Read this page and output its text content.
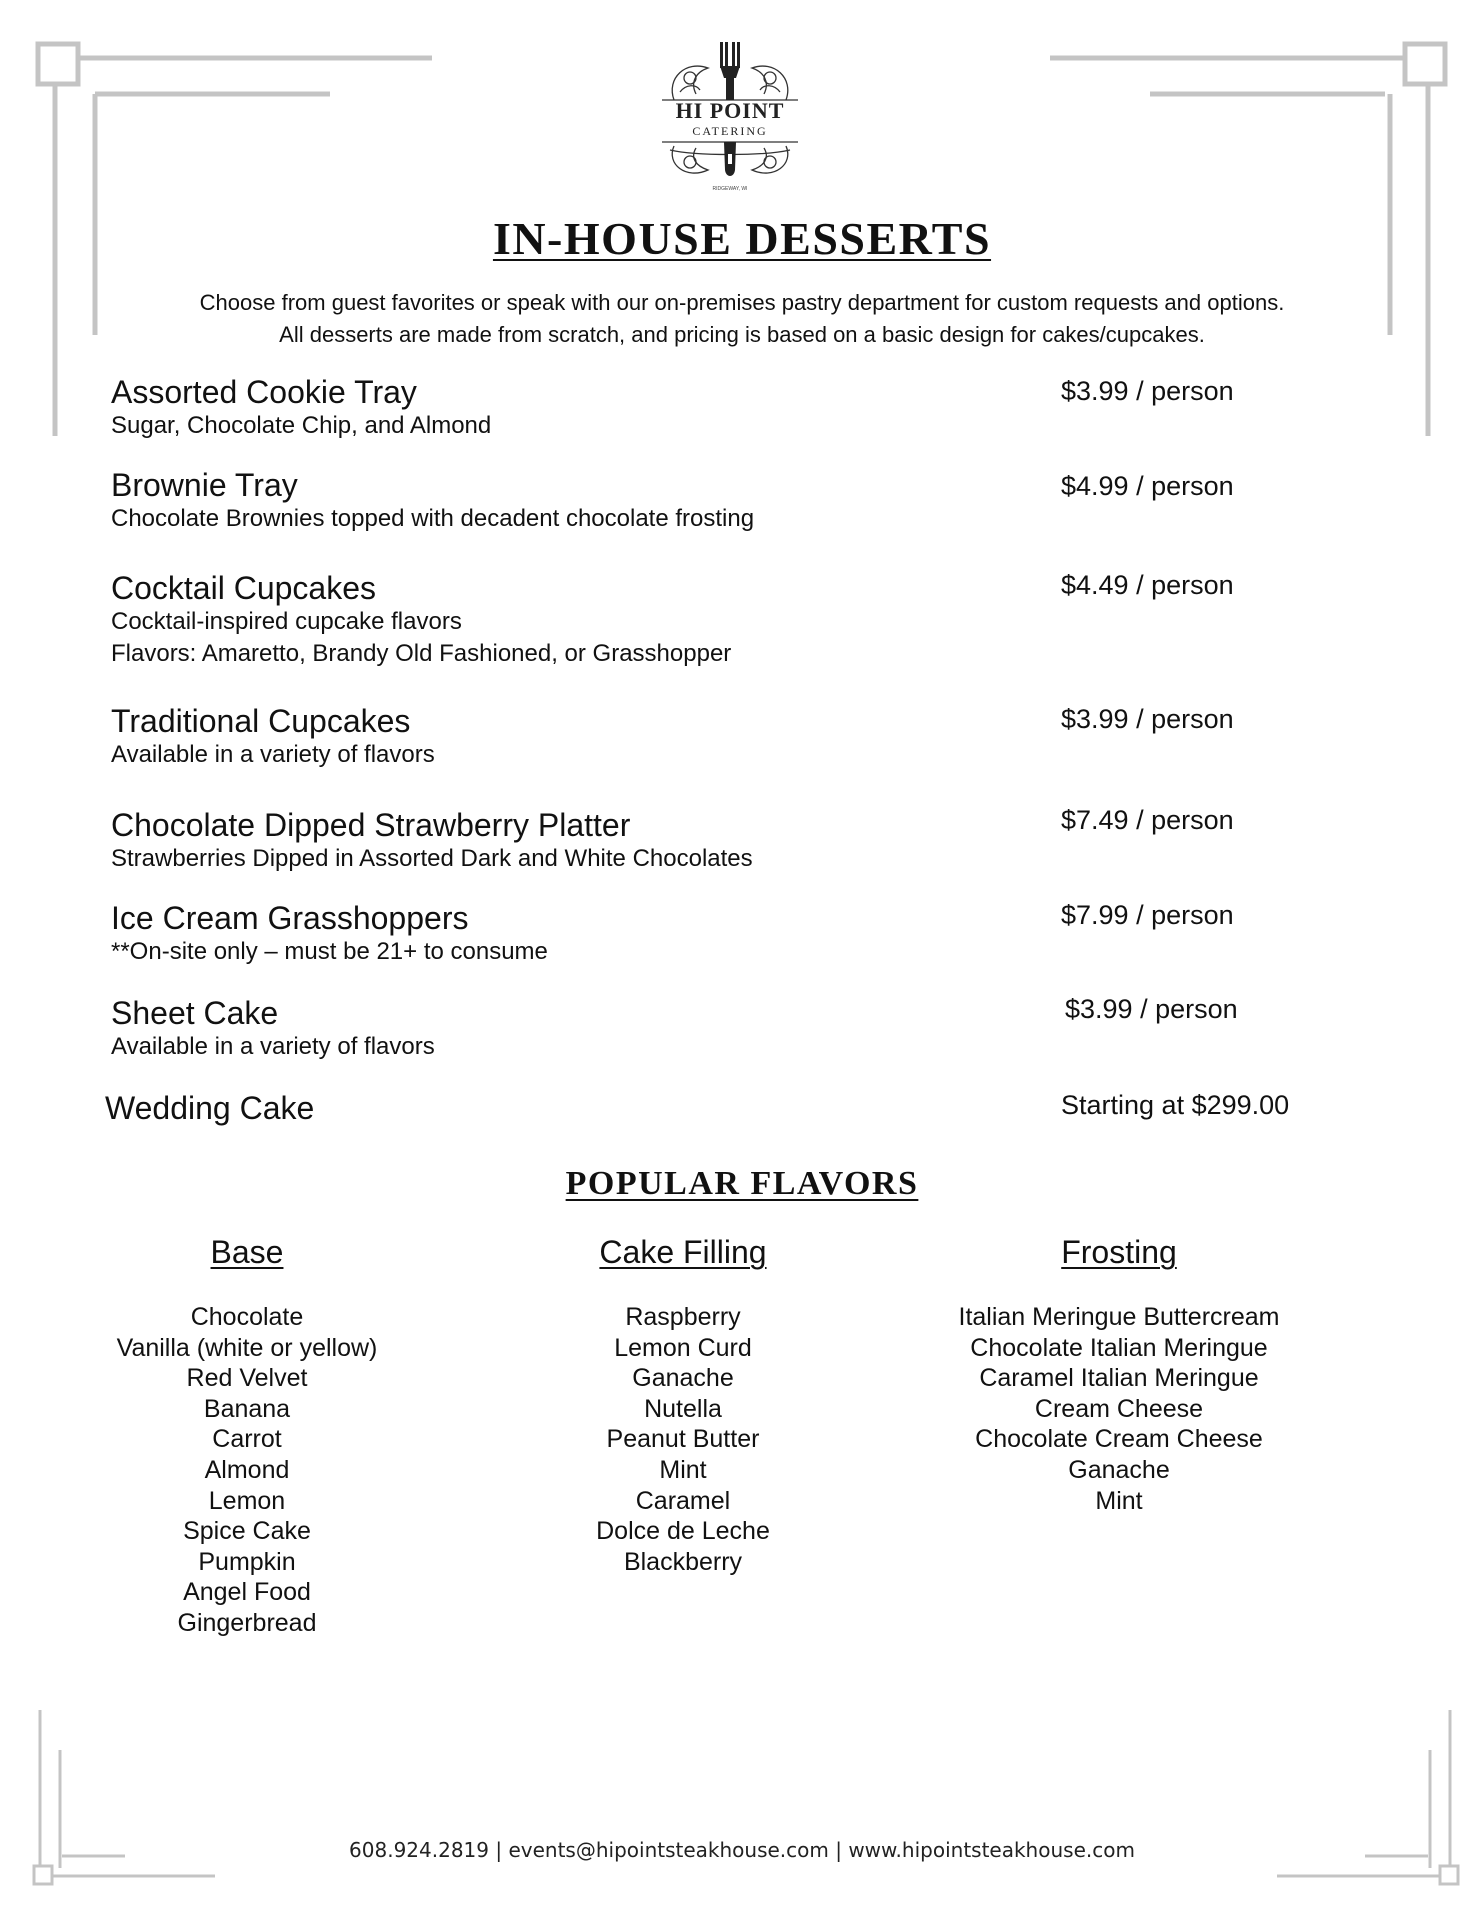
HI POINT
CATERING
RIDGEWAY, WI
IN-HOUSE DESSERTS
Choose from guest favorites or speak with our on-premises pastry department for custom requests and options.
All desserts are made from scratch, and pricing is based on a basic design for cakes/cupcakes.
Assorted Cookie Tray
Sugar, Chocolate Chip, and Almond
$3.99 / person
Brownie Tray
Chocolate Brownies topped with decadent chocolate frosting
$4.99 / person
Cocktail Cupcakes
Cocktail-inspired cupcake flavors
Flavors: Amaretto, Brandy Old Fashioned, or Grasshopper
$4.49 / person
Traditional Cupcakes
Available in a variety of flavors
$3.99 / person
Chocolate Dipped Strawberry Platter
Strawberries Dipped in Assorted Dark and White Chocolates
$7.49 / person
Ice Cream Grasshoppers
**On-site only – must be 21+ to consume
$7.99 / person
Sheet Cake
Available in a variety of flavors
$3.99 / person
Wedding Cake	Starting at $299.00
POPULAR FLAVORS
Base
Chocolate
Vanilla (white or yellow)
Red Velvet
Banana
Carrot
Almond
Lemon
Spice Cake
Pumpkin
Angel Food
Gingerbread
Cake Filling
Raspberry
Lemon Curd
Ganache
Nutella
Peanut Butter
Mint
Caramel
Dolce de Leche
Blackberry
Frosting
Italian Meringue Buttercream
Chocolate Italian Meringue
Caramel Italian Meringue
Cream Cheese
Chocolate Cream Cheese
Ganache
Mint
608.924.2819 | events@hipointsteakhouse.com | www.hipointsteakhouse.com
